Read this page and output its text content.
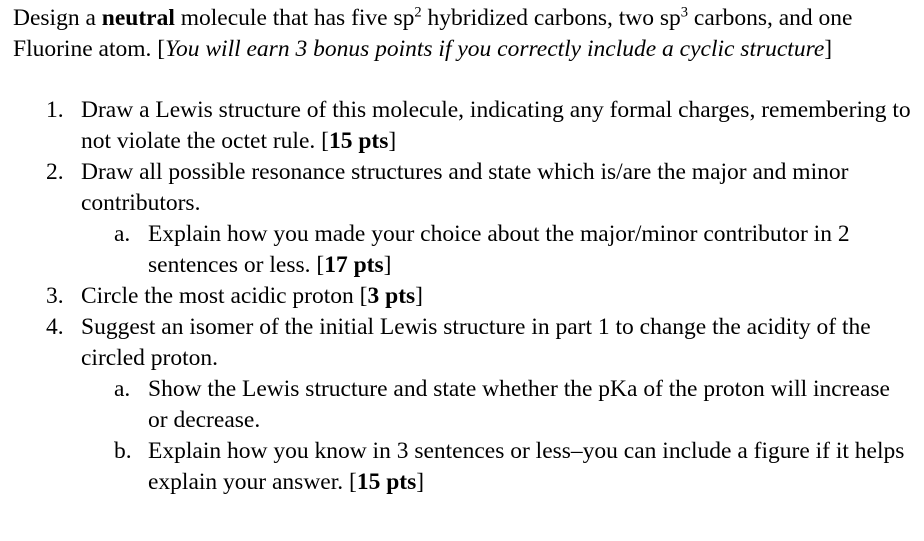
Design a neutral molecule that has five $sp^2$ hybridized carbons, two $sp^3$ carbons, and one Fluorine atom. [You will earn 3 bonus points if you correctly include a cyclic structure]

1. Draw a Lewis structure of this molecule, indicating any formal charges, remembering to not violate the octet rule. [15 pts]
2. Draw all possible resonance structures and state which is/are the major and minor contributors.
a. Explain how you made your choice about the major/minor contributor in 2 sentences or less. [17 pts]
3. Circle the most acidic proton [3 pts]
4. Suggest an isomer of the initial Lewis structure in part 1 to change the acidity of the circled proton.
a. Show the Lewis structure and state whether the pKa of the proton will increase or decrease.
b. Explain how you know in 3 sentences or less–you can include a figure if it helps explain your answer. [15 pts]
